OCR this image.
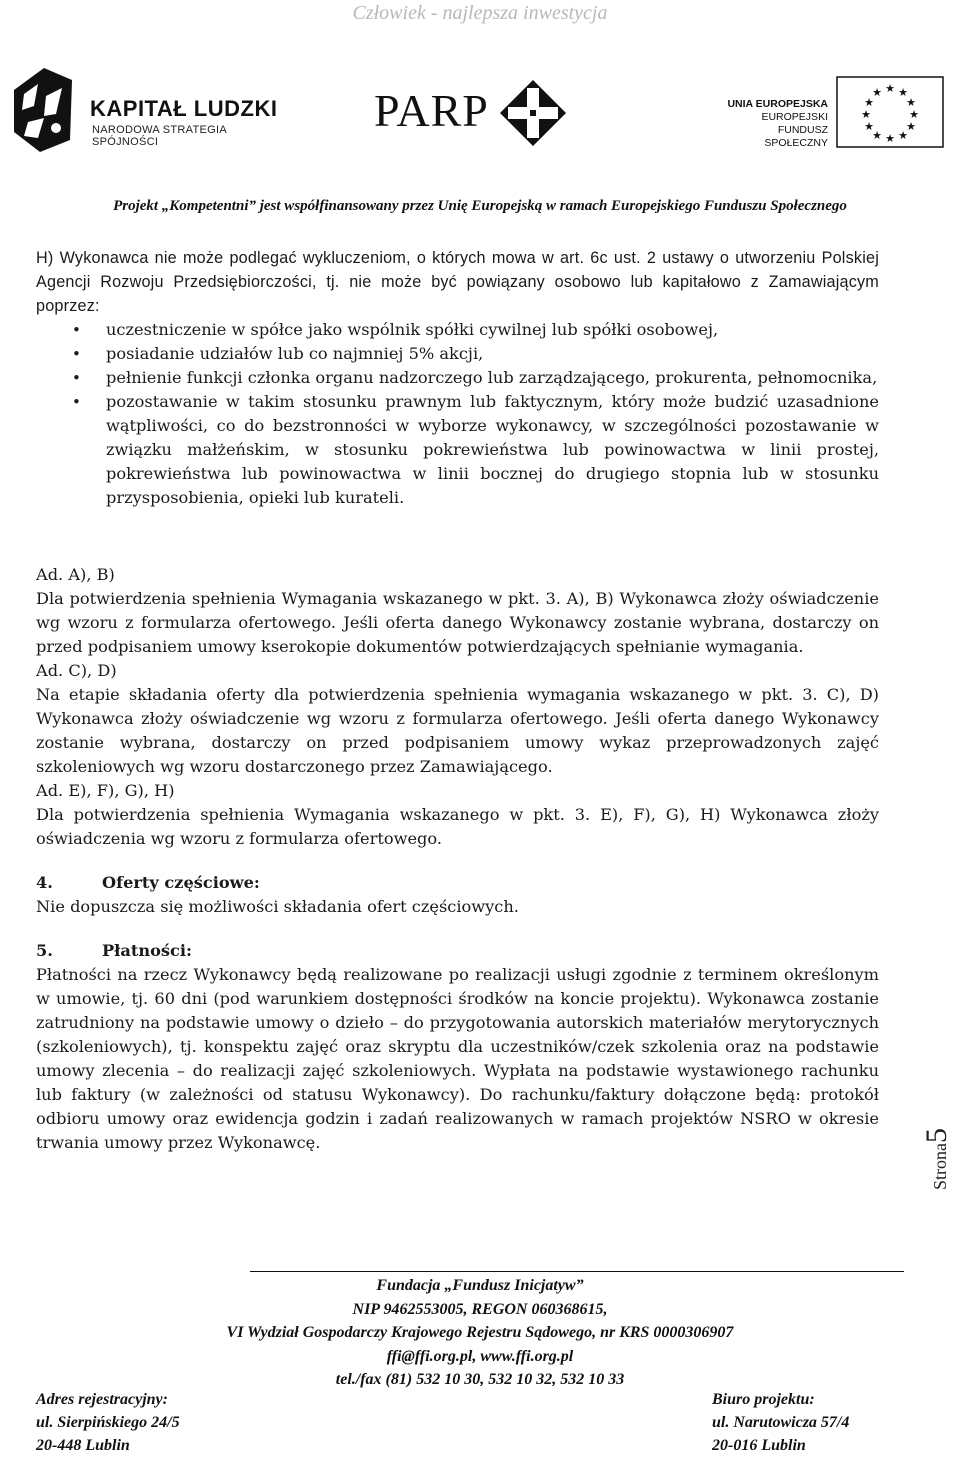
Człowiek - najlepsza inwestycja
KAPITAŁ LUDZKI
NARODOWA STRATEGIA SPÓJNOŚCI
PARP	UNIA EUROPEJSKA
EUROPEJSKI
FUNDUSZ SPOŁECZNY
★ ★
★
★
★
★
★
★
★
★
★
★
Projekt „Kompetentni” jest współfinansowany przez Unię Europejską w ramach Europejskiego Funduszu Społecznego

H) Wykonawca nie może podlegać wykluczeniom, o których mowa w art. 6c ust. 2 ustawy o utworzeniu Polskiej Agencji Rozwoju Przedsiębiorczości, tj. nie może być powiązany osobowo lub kapitałowo z Zamawiającym poprzez:

• uczestniczenie w spółce jako wspólnik spółki cywilnej lub spółki osobowej,
• posiadanie udziałów lub co najmniej 5% akcji,
• pełnienie funkcji członka organu nadzorczego lub zarządzającego, prokurenta, pełnomocnika,
• pozostawanie w takim stosunku prawnym lub faktycznym, który może budzić uzasadnione wątpliwości, co do bezstronności w wyborze wykonawcy, w szczególności pozostawanie w związku małżeńskim, w stosunku pokrewieństwa lub powinowactwa w linii prostej, pokrewieństwa lub powinowactwa w linii bocznej do drugiego stopnia lub w stosunku przysposobienia, opieki lub kurateli.

Ad. A), B)

Dla potwierdzenia spełnienia Wymagania wskazanego w pkt. 3. A), B) Wykonawca złoży oświadczenie wg wzoru z formularza ofertowego. Jeśli oferta danego Wykonawcy zostanie wybrana, dostarczy on przed podpisaniem umowy kserokopie dokumentów potwierdzających spełnianie wymagania.

Ad. C), D)

Na etapie składania oferty dla potwierdzenia spełnienia wymagania wskazanego w pkt. 3. C), D) Wykonawca złoży oświadczenie wg wzoru z formularza ofertowego. Jeśli oferta danego Wykonawcy zostanie wybrana, dostarczy on przed podpisaniem umowy wykaz przeprowadzonych zajęć szkoleniowych wg wzoru dostarczonego przez Zamawiającego.

Ad. E), F), G), H)

Dla potwierdzenia spełnienia Wymagania wskazanego w pkt. 3. E), F), G), H) Wykonawca złoży oświadczenia wg wzoru z formularza ofertowego.

4.	Oferty częściowe:

Nie dopuszcza się możliwości składania ofert częściowych.

5.	Płatności:

Płatności na rzecz Wykonawcy będą realizowane po realizacji usługi zgodnie z terminem określonym w umowie, tj. 60 dni (pod warunkiem dostępności środków na koncie projektu). Wykonawca zostanie zatrudniony na podstawie umowy o dzieło – do przygotowania autorskich materiałów merytorycznych (szkoleniowych), tj. konspektu zajęć oraz skryptu dla uczestników/czek szkolenia oraz na podstawie umowy zlecenia – do realizacji zajęć szkoleniowych. Wypłata na podstawie wystawionego rachunku lub faktury (w zależności od statusu Wykonawcy). Do rachunku/faktury dołączone będą: protokół odbioru umowy oraz ewidencja godzin i zadań realizowanych w ramach projektów NSRO w okresie trwania umowy przez Wykonawcę.

Strona5
Fundacja „Fundusz Inicjatyw”
NIP 9462553005, REGON 060368615,
VI Wydział Gospodarczy Krajowego Rejestru Sądowego, nr KRS 0000306907
ffi@ffi.org.pl, www.ffi.org.pl
tel./fax (81) 532 10 30, 532 10 32, 532 10 33
Adres rejestracyjny:
ul. Sierpińskiego 24/5
20-448 Lublin
Biuro projektu:
ul. Narutowicza 57/4
20-016 Lublin
